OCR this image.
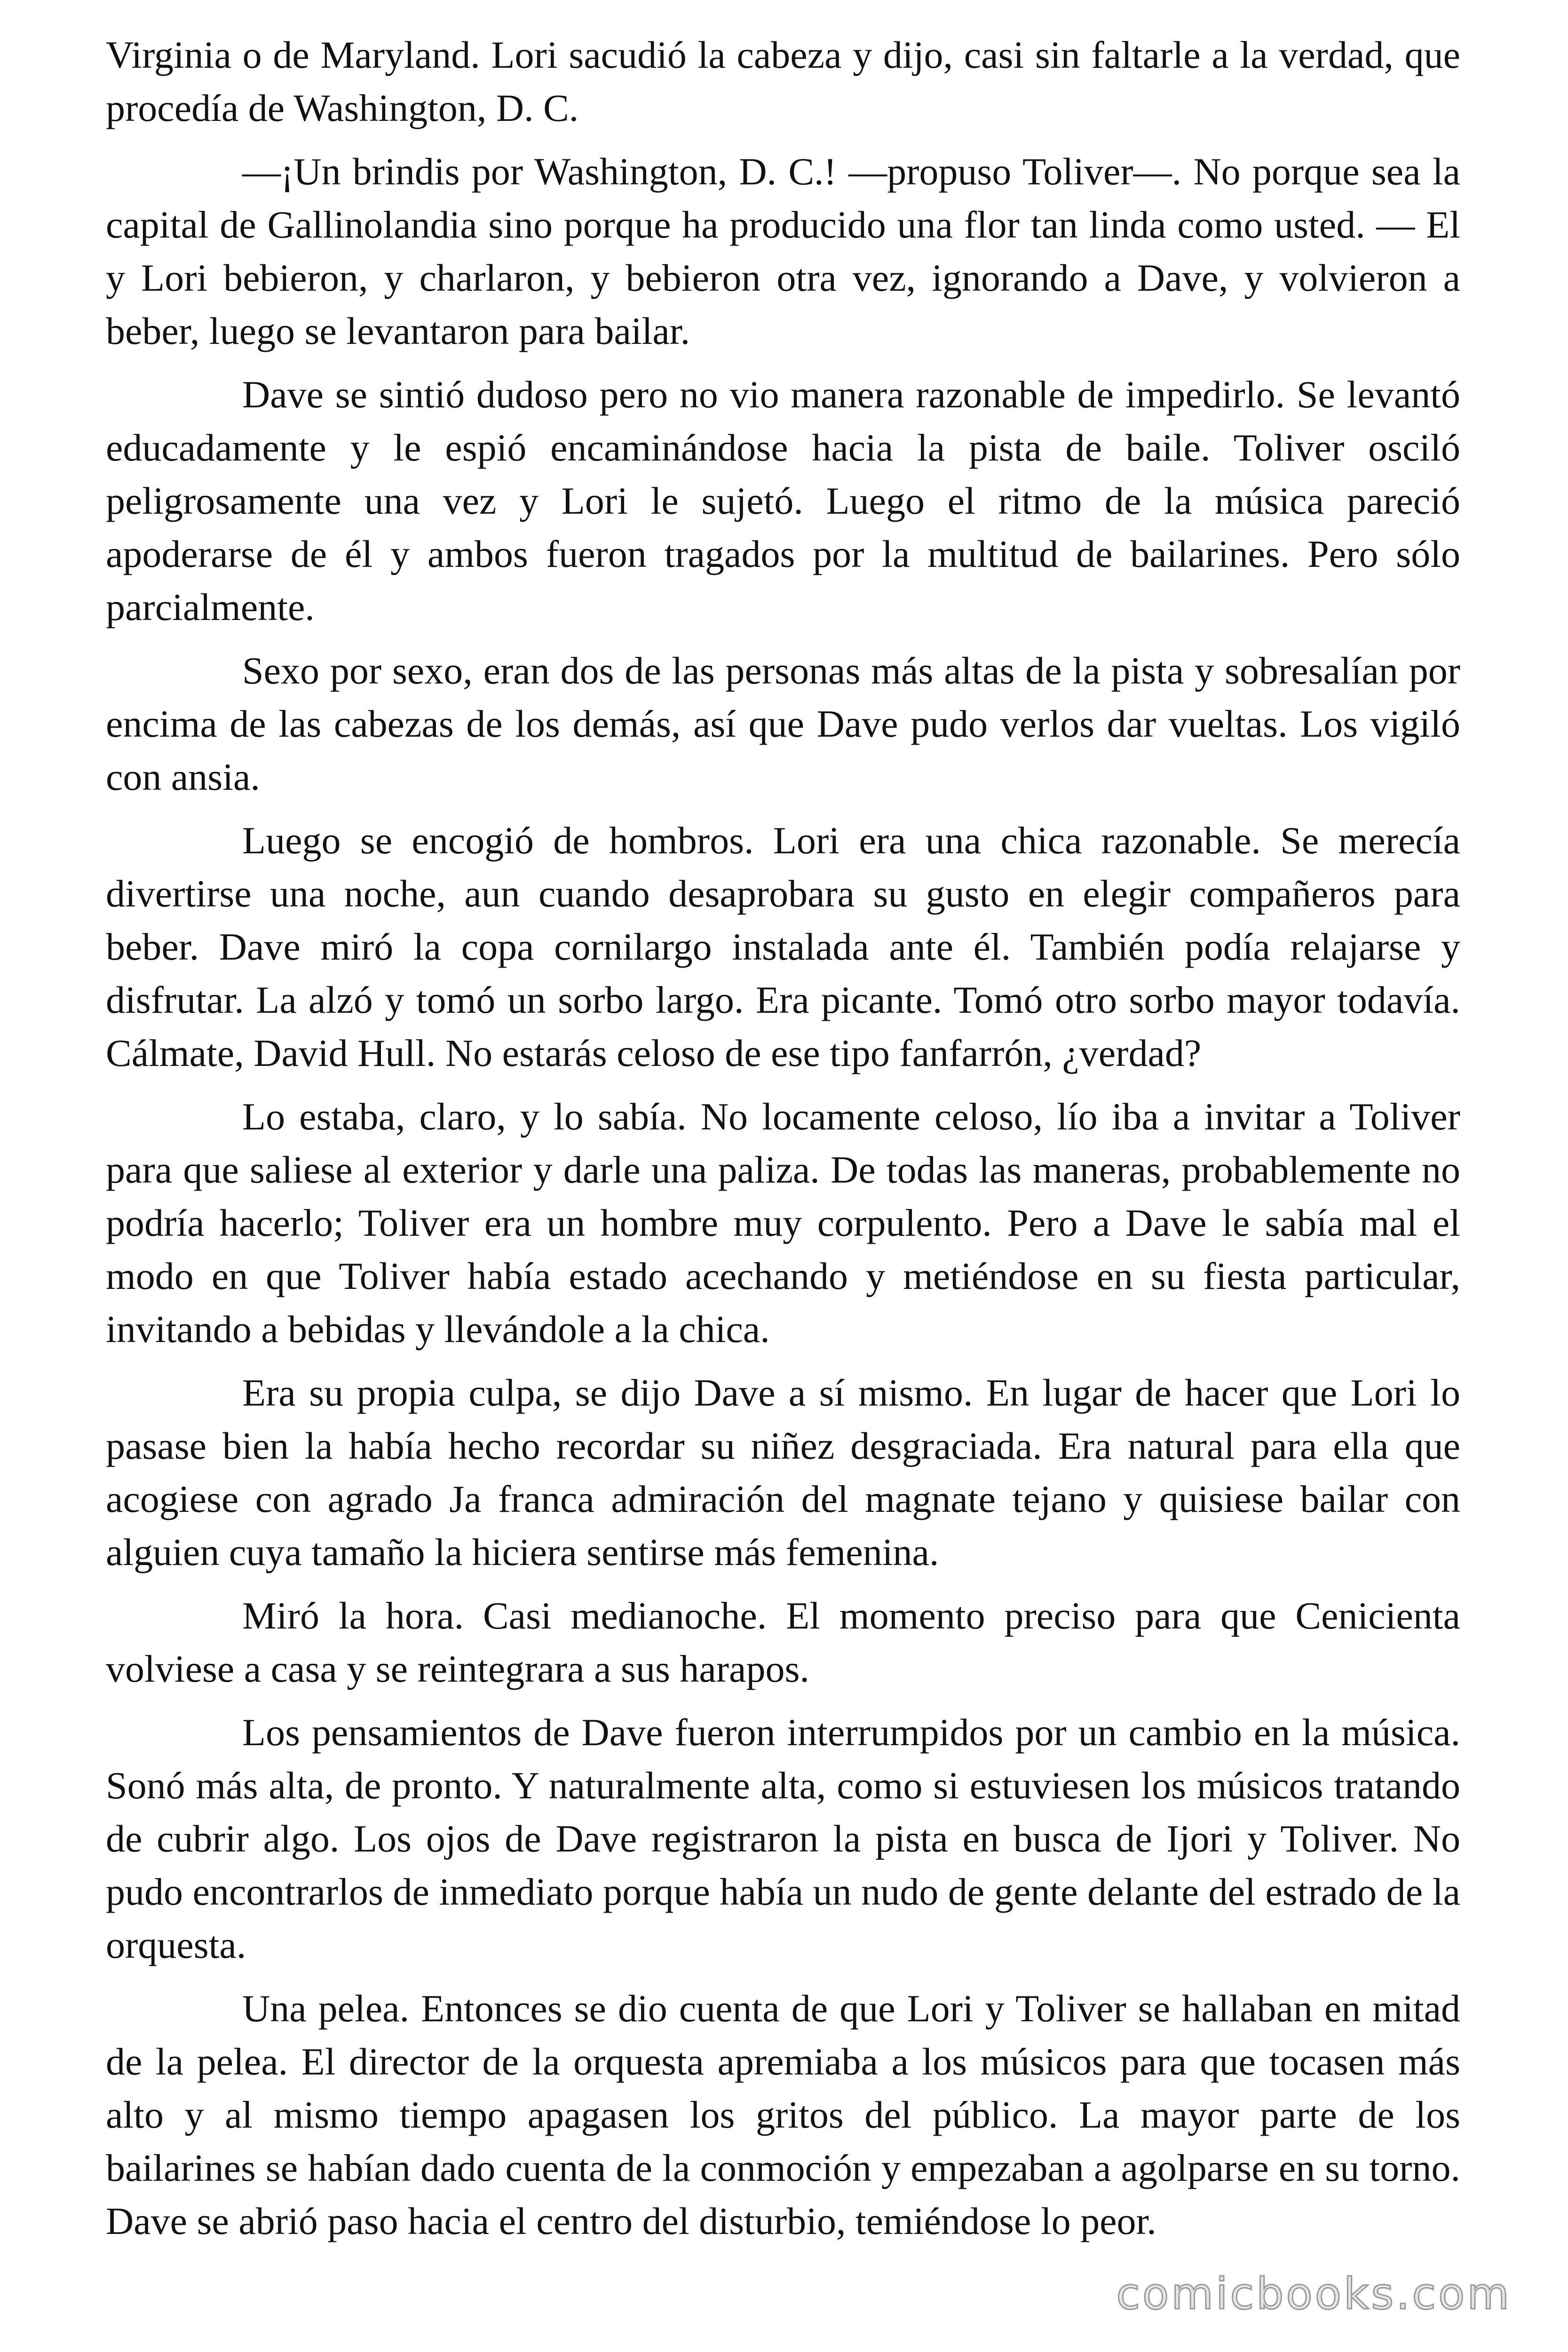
Virginia o de Maryland. Lori sacudió la cabeza y dijo, casi sin faltarle a la verdad, que procedía de Washington, D. C.

—¡Un brindis por Washington, D. C.! —propuso Toliver—. No porque sea la capital de Gallinolandia sino porque ha producido una flor tan linda como usted. — El y Lori bebieron, y charlaron, y bebieron otra vez, ignorando a Dave, y volvieron a beber, luego se levantaron para bailar.

Dave se sintió dudoso pero no vio manera razonable de impedirlo. Se levantó educadamente y le espió encaminándose hacia la pista de baile. Toliver osciló peligrosamente una vez y Lori le sujetó. Luego el ritmo de la música pareció apoderarse de él y ambos fueron tragados por la multitud de bailarines. Pero sólo parcialmente.

Sexo por sexo, eran dos de las personas más altas de la pista y sobresalían por encima de las cabezas de los demás, así que Dave pudo verlos dar vueltas. Los vigiló con ansia.

Luego se encogió de hombros. Lori era una chica razonable. Se merecía divertirse una noche, aun cuando desaprobara su gusto en elegir compañeros para beber. Dave miró la copa cornilargo instalada ante él. También podía relajarse y disfrutar. La alzó y tomó un sorbo largo. Era picante. Tomó otro sorbo mayor todavía. Cálmate, David Hull. No estarás celoso de ese tipo fanfarrón, ¿verdad?

Lo estaba, claro, y lo sabía. No locamente celoso, lío iba a invitar a Toliver para que saliese al exterior y darle una paliza. De todas las maneras, probablemente no podría hacerlo; Toliver era un hombre muy corpulento. Pero a Dave le sabía mal el modo en que Toliver había estado acechando y metiéndose en su fiesta particular, invitando a bebidas y llevándole a la chica.

Era su propia culpa, se dijo Dave a sí mismo. En lugar de hacer que Lori lo pasase bien la había hecho recordar su niñez desgraciada. Era natural para ella que acogiese con agrado Ja franca admiración del magnate tejano y quisiese bailar con alguien cuya tamaño la hiciera sentirse más femenina.

Miró la hora. Casi medianoche. El momento preciso para que Cenicienta volviese a casa y se reintegrara a sus harapos.

Los pensamientos de Dave fueron interrumpidos por un cambio en la música. Sonó más alta, de pronto. Y naturalmente alta, como si estuviesen los músicos tratando de cubrir algo. Los ojos de Dave registraron la pista en busca de Ijori y Toliver. No pudo encontrarlos de inmediato porque había un nudo de gente delante del estrado de la orquesta.

Una pelea. Entonces se dio cuenta de que Lori y Toliver se hallaban en mitad de la pelea. El director de la orquesta apremiaba a los músicos para que tocasen más alto y al mismo tiempo apagasen los gritos del público. La mayor parte de los bailarines se habían dado cuenta de la conmoción y empezaban a agolparse en su torno. Dave se abrió paso hacia el centro del disturbio, temiéndose lo peor.

comicbooks.com
